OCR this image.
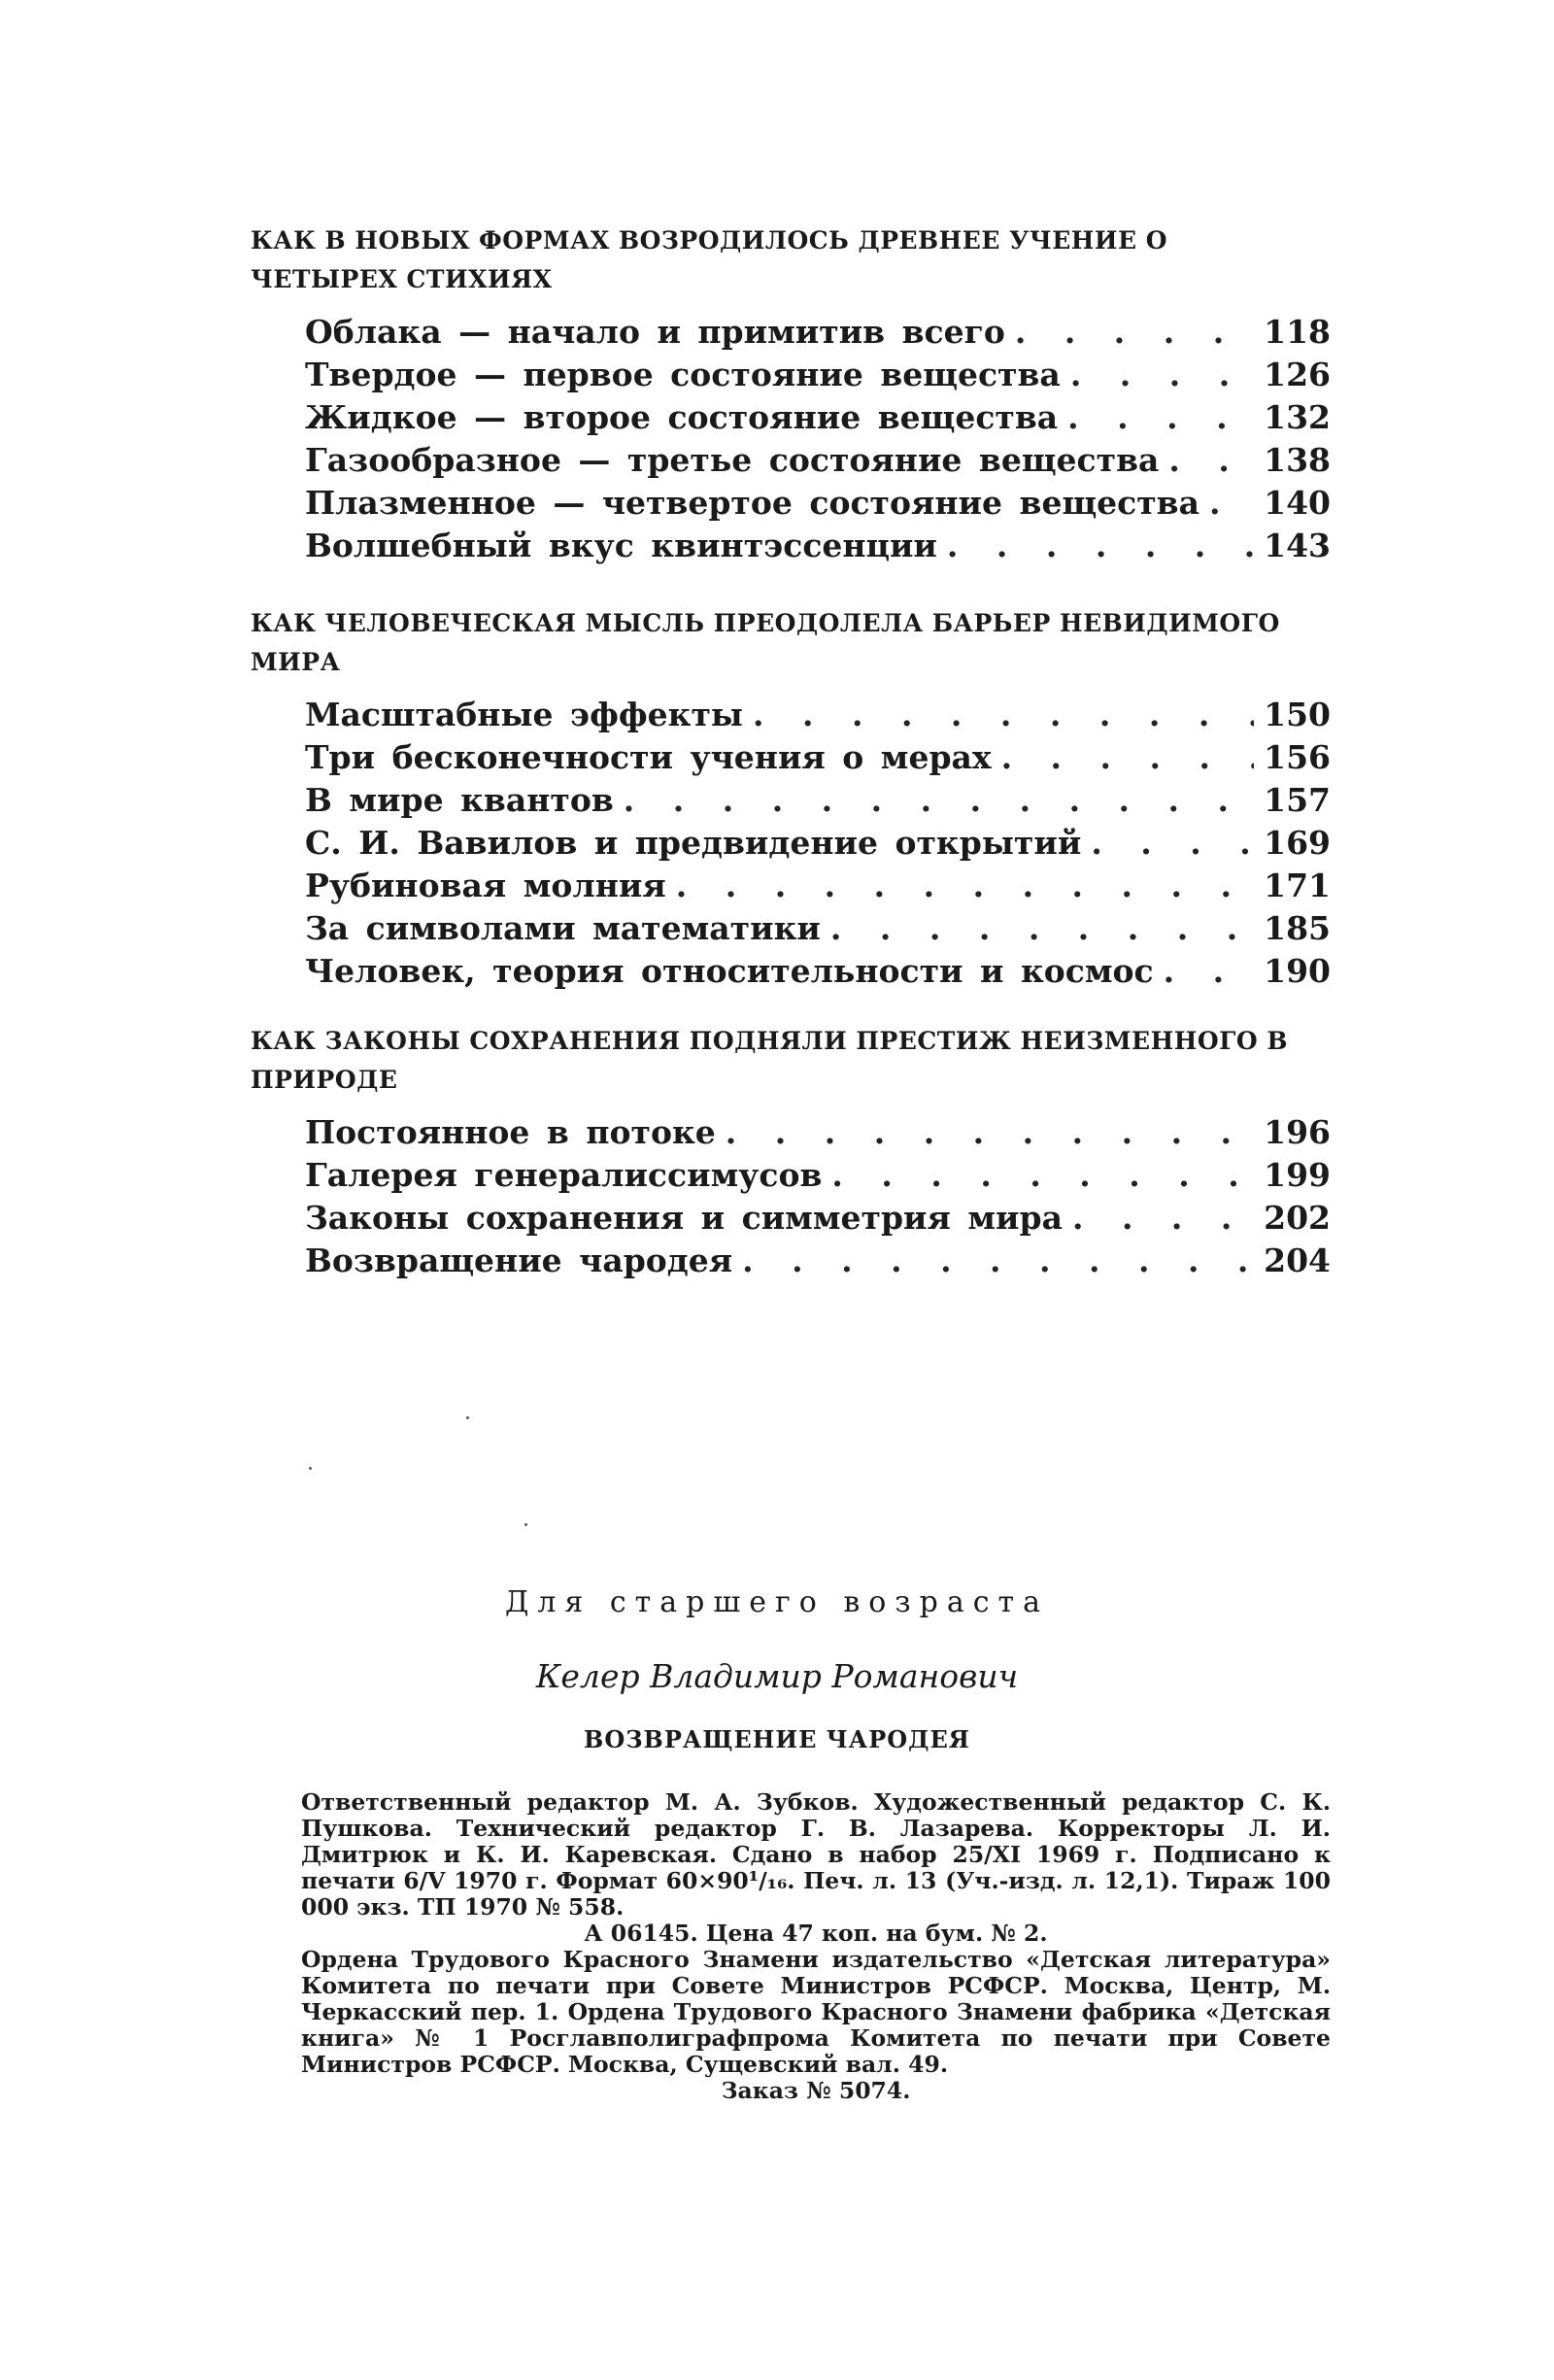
КАК В НОВЫХ ФОРМАХ ВОЗРОДИЛОСЬ ДРЕВНЕЕ УЧЕНИЕ О ЧЕТЫРЕХ СТИХИЯХ
Облака — начало и примитив всего . . .	118
Твердое — первое состояние вещества . . .	126
Жидкое — второе состояние вещества . . .	132
Газообразное — третье состояние вещества . . .	138
Плазменное — четвертое состояние вещества . . . 140
Волшебный вкус квинтэссенции . . .	143
КАК ЧЕЛОВЕЧЕСКАЯ МЫСЛЬ ПРЕОДОЛЕЛА БАРЬЕР НЕВИДИМОГО МИРА
Масштабные эффекты . . .	150
Три бесконечности учения о мерах . . .	156
В мире квантов . . .	157
С. И. Вавилов и предвидение открытий . . .	169
Рубиновая молния . . .	171
За символами математики . . .	185
Человек, теория относительности и космос . . .	190
КАК ЗАКОНЫ СОХРАНЕНИЯ ПОДНЯЛИ ПРЕСТИЖ НЕИЗМЕННОГО В ПРИРОДЕ
Постоянное в потоке . . .	196
Галерея генералиссимусов . . .	199
Законы сохранения и симметрия мира . . .	202
Возвращение чародея . . .	204
Для старшего возраста
Келер Владимир Романович
ВОЗВРАЩЕНИЕ ЧАРОДЕЯ

Ответственный редактор М. А. Зубков. Художественный редактор С. К. Пушкова. Технический редактор Г. В. Лазарева. Корректоры Л. И. Дмитрюк и К. И. Каревская. Сдано в набор 25/XI 1969 г. Подписано к печати 6/V 1970 г. Формат 60×90¹/₁₆. Печ. л. 13 (Уч.-изд. л. 12,1). Тираж 100 000 экз. ТП 1970 № 558.

А 06145. Цена 47 коп. на бум. № 2.

Ордена Трудового Красного Знамени издательство «Детская литература» Комитета по печати при Совете Министров РСФСР. Москва, Центр, М. Черкасский пер. 1. Ордена Трудового Красного Знамени фабрика «Детская книга» № 1 Росглавполиграфпрома Комитета по печати при Совете Министров РСФСР. Москва, Сущевский вал. 49.

Заказ № 5074.
